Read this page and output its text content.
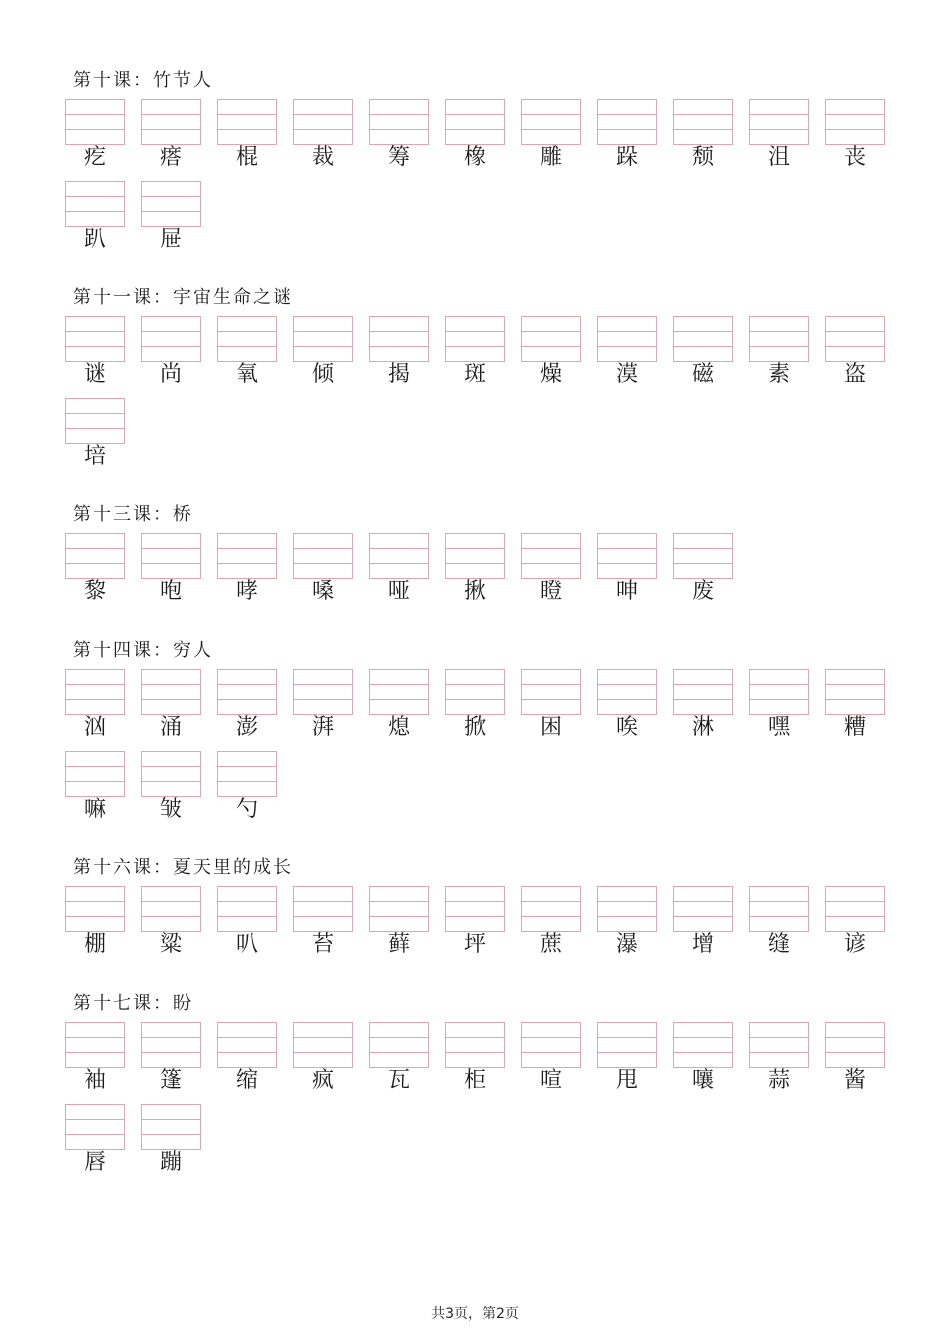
第十课：竹节人
疙	瘩	棍	裁	筹	橡	雕	跺	颓	沮	丧
趴	屉
第十一课：宇宙生命之谜
谜	尚	氧	倾	揭	斑	燥	漠	磁	素	盗
培
第十三课：桥
黎	咆	哮	嗓	哑	揪	瞪	呻	废
第十四课：穷人
汹	涌	澎	湃	熄	掀	困	唉	淋	嘿	糟
嘛	皱	勺
第十六课：夏天里的成长
棚	粱	叭	苔	藓	坪	蔗	瀑	增	缝	谚
第十七课：盼
袖	篷	缩	疯	瓦	柜	喧	甩	嚷	蒜	酱
唇	蹦
共3页，第2页
